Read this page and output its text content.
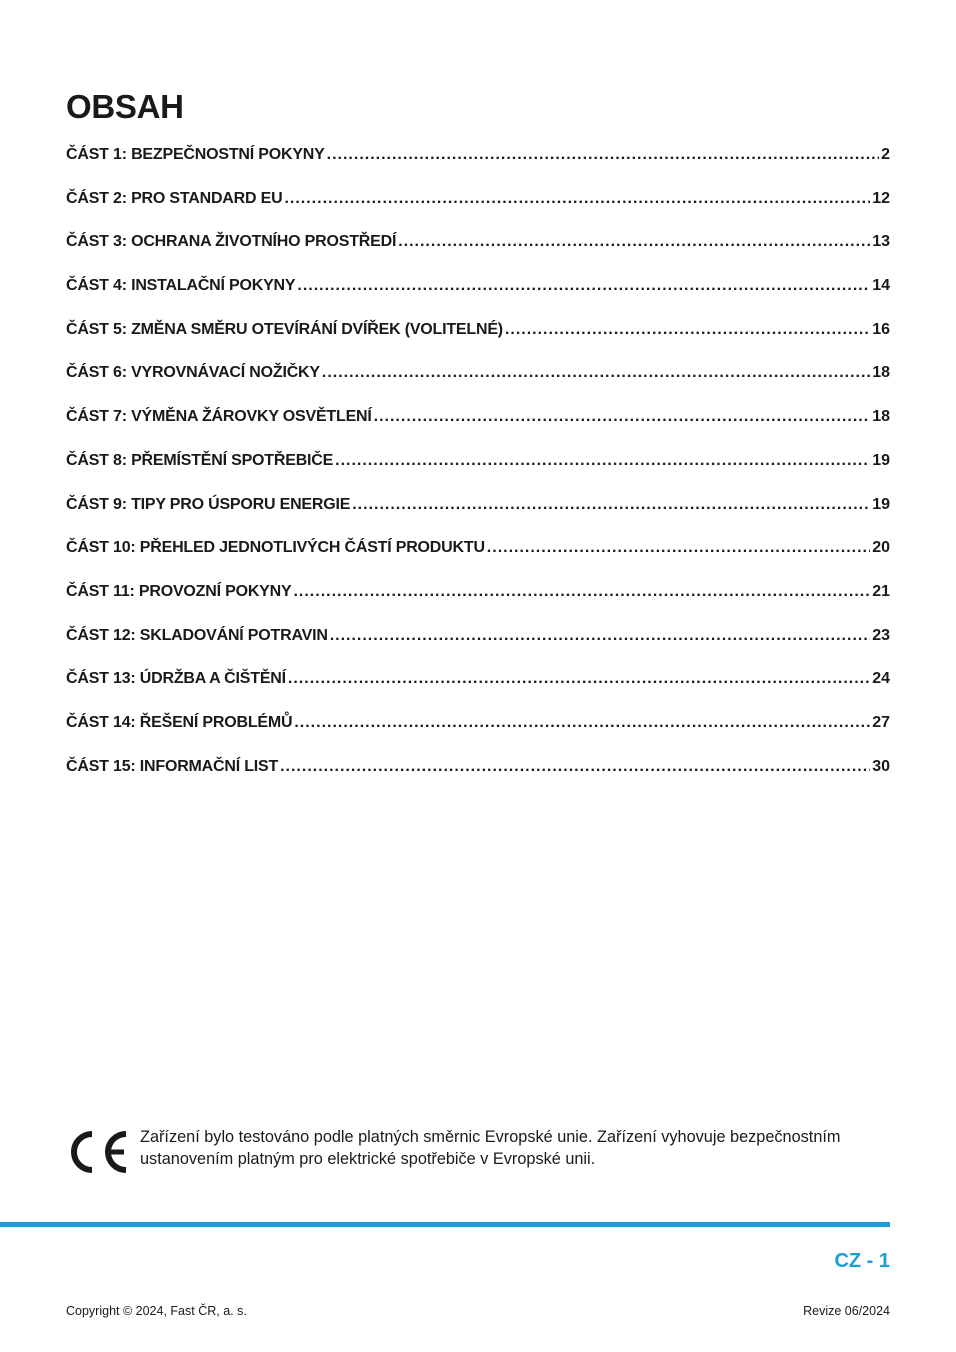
OBSAH
ČÁST 1: BEZPEČNOSTNÍ POKYNY .....	2
ČÁST 2: PRO STANDARD EU .....	12
ČÁST 3: OCHRANA ŽIVOTNÍHO PROSTŘEDÍ .....	13
ČÁST 4: INSTALAČNÍ POKYNY .....	14
ČÁST 5: ZMĚNA SMĚRU OTEVÍRÁNÍ DVÍŘEK (VOLITELNÉ) .....	16
ČÁST 6: VYROVNÁVACÍ NOŽIČKY .....	18
ČÁST 7: VÝMĚNA ŽÁROVKY OSVĚTLENÍ .....	18
ČÁST 8: PŘEMÍSTĚNÍ SPOTŘEBIČE .....	19
ČÁST 9: TIPY PRO ÚSPORU ENERGIE .....	19
ČÁST 10: PŘEHLED JEDNOTLIVÝCH ČÁSTÍ PRODUKTU .....	20
ČÁST 11: PROVOZNÍ POKYNY .....	21
ČÁST 12: SKLADOVÁNÍ POTRAVIN .....	23
ČÁST 13: ÚDRŽBA A ČIŠTĚNÍ .....	24
ČÁST 14: ŘEŠENÍ PROBLÉMŮ .....	27
ČÁST 15: INFORMAČNÍ LIST .....	30
Zařízení bylo testováno podle platných směrnic Evropské unie. Zařízení vyhovuje bezpečnostním
ustanovením platným pro elektrické spotřebiče v Evropské unii.
CZ - 1
Copyright © 2024, Fast ČR, a. s.	Revize 06/2024
